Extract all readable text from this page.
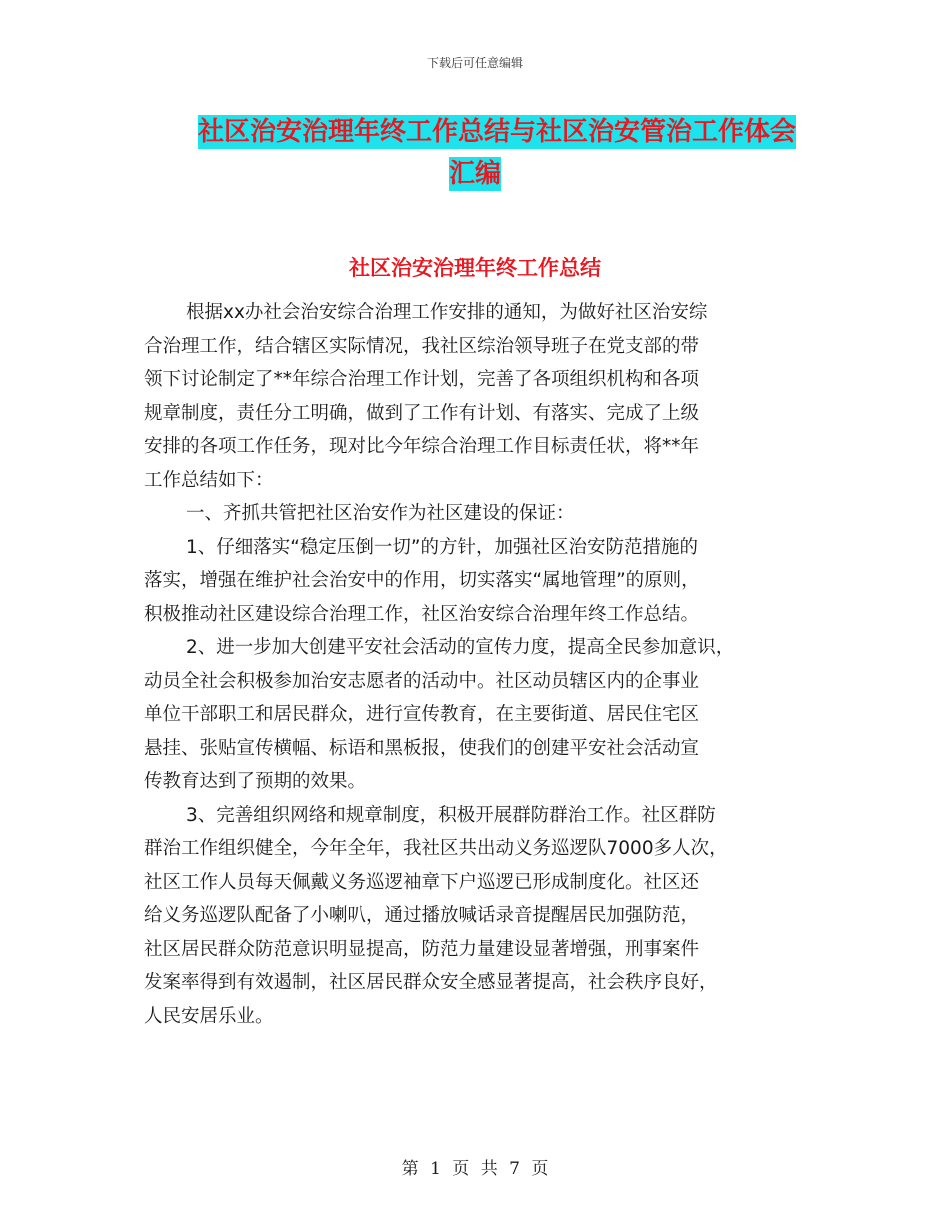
下载后可任意编辑
社区治安治理年终工作总结与社区治安管治工作体会
汇编
社区治安治理年终工作总结
根据xx办社会治安综合治理工作安排的通知，为做好社区治安综
合治理工作，结合辖区实际情况，我社区综治领导班子在党支部的带
领下讨论制定了**年综合治理工作计划，完善了各项组织机构和各项
规章制度，责任分工明确，做到了工作有计划、有落实、完成了上级
安排的各项工作任务，现对比今年综合治理工作目标责任状，将**年
工作总结如下：
一、齐抓共管把社区治安作为社区建设的保证：
1、仔细落实“稳定压倒一切”的方针，加强社区治安防范措施的
落实，增强在维护社会治安中的作用，切实落实“属地管理”的原则，
积极推动社区建设综合治理工作，社区治安综合治理年终工作总结。
2、进一步加大创建平安社会活动的宣传力度，提高全民参加意识，
动员全社会积极参加治安志愿者的活动中。社区动员辖区内的企事业
单位干部职工和居民群众，进行宣传教育，在主要街道、居民住宅区
悬挂、张贴宣传横幅、标语和黑板报，使我们的创建平安社会活动宣
传教育达到了预期的效果。
3、完善组织网络和规章制度，积极开展群防群治工作。社区群防
群治工作组织健全，今年全年，我社区共出动义务巡逻队7000多人次，
社区工作人员每天佩戴义务巡逻袖章下户巡逻已形成制度化。社区还
给义务巡逻队配备了小喇叭，通过播放喊话录音提醒居民加强防范，
社区居民群众防范意识明显提高，防范力量建设显著增强，刑事案件
发案率得到有效遏制，社区居民群众安全感显著提高，社会秩序良好，
人民安居乐业。
第 1 页 共 7 页
